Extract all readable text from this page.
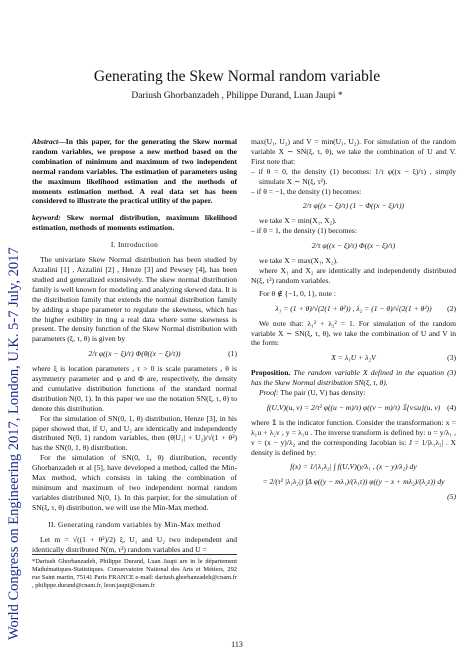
Generating the Skew Normal random variable
Dariush Ghorbanzadeh , Philippe Durand, Luan Jaupi *
World Congress on Engineering 2017, London, U.K. 5-7 July, 2017

Abstract—In this paper, for the generating the Skew normal random variables, we propose a new method based on the combination of minimum and maximum of two independent normal random variables. The estimation of parameters using the maximum likelihood estimation and the methods of moments estimation method. A real data set has been considered to illustrate the practical utility of the paper.

keyword: Skew normal distribution, maximum likelihood estimation, methods of moments estimation.

I. Introduction

The univariate Skew Normal distribution has been studied by Azzalini [1] , Azzalini [2] , Henze [3] and Pewsey [4], has been studied and generalized extensively. The skew normal distribution family is well known for modeling and analyzing skewed data. It is the distribution family that extends the normal distribution family by adding a shape parameter to regulate the skewness, which has the higher exibility in ting a real data where some skewness is present. The density function of the Skew Normal distribution with parameters (ξ, τ, θ) is given by

2/τ φ((x − ξ)/τ) Φ(θ((x − ξ)/τ))	(1)

where ξ is location parameters , τ > 0 is scale parameters , θ is asymmetry parameter and φ and Φ are, respectively, the density and cumulative distribution functions of the standard normal distribution N(0, 1). In this paper we use the notation SN(ξ, τ, θ) to denote this distribution.

For the simulation of SN(0, 1, θ) distribution, Henze [3], in his paper showed that, if U₁ and U₂ are identically and independently distributed N(0, 1) random variables, then (θ|U₁| + U₂)/√(1 + θ²) has the SN(0, 1, θ) distribution.

For the simulation of SN(0, 1, θ) distribution, recently Ghorbanzadeh et al [5], have developed a method, called the Min-Max method, which consists in taking the combination of minimum and maximum of two independent normal random variables distributed N(0, 1). In this parpier, for the simulation of SN(ξ, τ, θ) distribution, we will use the Min-Max method.

II. Generating random variables by Min-Max method

Let m = √((1 + θ²)/2) ξ, U₁ and U₂ two independent and identically distributed N(m, τ²) random variables and U =

*Dariush Ghorbanzadeh, Philippe Durand, Luan Jaupi are in le département Mathématiques-Statistiques. Conservatoire National des Arts et Métiers, 292 rue Saint martin, 75141 Paris FRANCE e-mail: dariush.ghorbanzadeh@cnam.fr , philippe.durand@cnam.fr, leon.jaupi@cnam.fr

max(U₁, U₂) and V = min(U₁, U₂). For simulation of the random variable X ∼ SN(ξ, τ, θ), we take the combination of U and V. First note that:

– if θ = 0, the density (1) becomes: 1/τ φ((x − ξ)/τ) , simply simulate X ∼ N(ξ, τ²).

– if θ = −1, the density (1) becomes:

2/τ φ((x − ξ)/τ) (1 − Φ((x − ξ)/τ))

we take X = min(X₁, X₂).

– if θ = 1, the density (1) becomes:

2/τ φ((x − ξ)/τ) Φ((x − ξ)/τ)

we take X = max(X₁, X₂).

where X₁ and X₂ are identically and independently distributed N(ξ, τ²) random variables.

For θ ∉ {−1, 0, 1}, note :

λ₁ = (1 + θ)/√(2(1 + θ²)) , λ₂ = (1 − θ)/√(2(1 + θ²)) (2)

We note that: λ₁² + λ₂² = 1. For simulation of the random variable X ∼ SN(ξ, τ, θ), we take the combination of U and V in the form:

X = λ₁U + λ₂V	(3)

Proposition. The random variable X defined in the equation (3) has the Skew Normal distribution SN(ξ, τ, θ).

Proof: The pair (U, V) has density:

f(U,V)(u, v) = 2/τ² φ((u − m)/τ) φ((v − m)/τ) 𝟙{v≤u}(u, v) (4)

where 𝟙 is the indicator function. Consider the transformation: x = λ₁u + λ₂v , y = λ₁u . The inverse transform is defined by: u = y/λ₁ , v = (x − y)/λ₂ and the corresponding Jacobian is: J = 1/|λ₁λ₂| . X density is defined by:

f(x) = 1/|λ₁λ₂| ∫ f(U,V)(y/λ₁ , (x − y)/λ₂) dy
= 2/(τ² |λ₁λ₂|) ∫Δ φ((y − mλ₁)/(λ₁τ)) φ((y − x + mλ₂)/(λ₂τ)) dy
(5)
113
